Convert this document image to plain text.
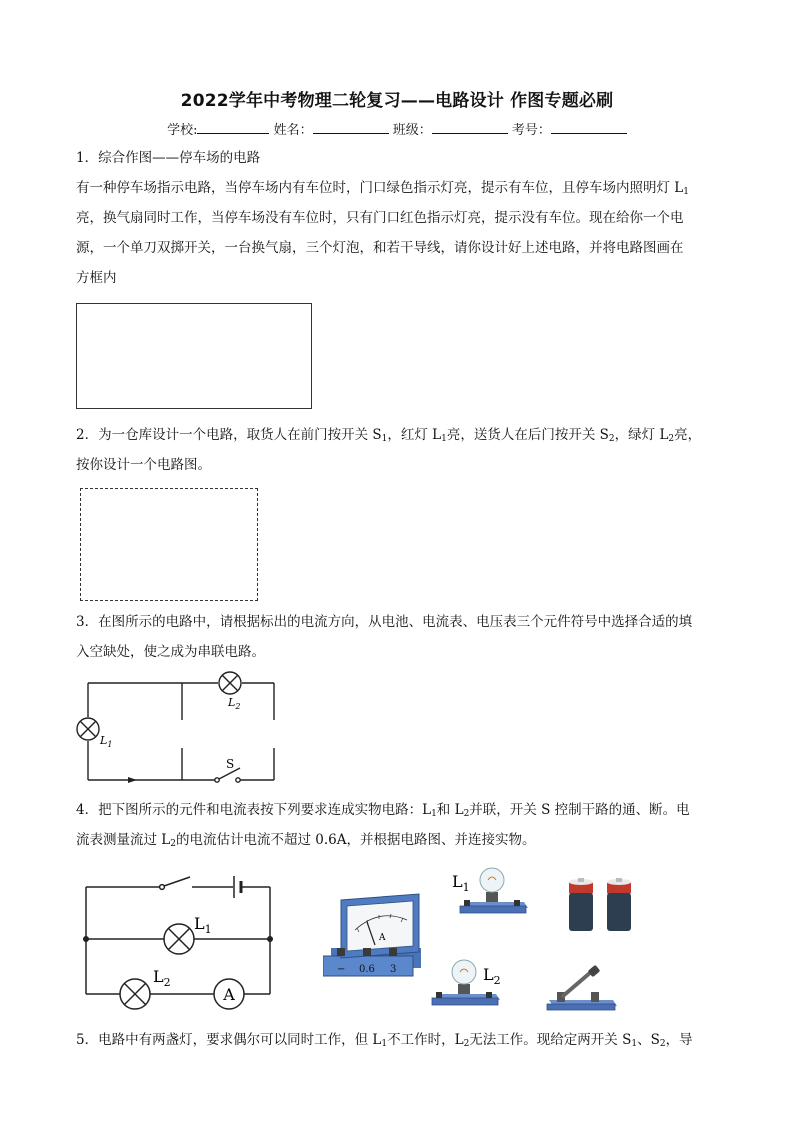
2022学年中考物理二轮复习——电路设计 作图专题必刷
学校:	姓名：	班级：	考号：
1．综合作图——停车场的电路
有一种停车场指示电路，当停车场内有车位时，门口绿色指示灯亮，提示有车位，且停车场内照明灯 $L_1$
亮，换气扇同时工作，当停车场没有车位时，只有门口红色指示灯亮，提示没有车位。现在给你一个电
源，一个单刀双掷开关，一台换气扇，三个灯泡，和若干导线，请你设计好上述电路，并将电路图画在
方框内
2．为一仓库设计一个电路，取货人在前门按开关 $S_1$，红灯 $L_1$亮，送货人在后门按开关 $S_2$，绿灯 $L_2$亮，
按你设计一个电路图。
3．在图所示的电路中，请根据标出的电流方向，从电池、电流表、电压表三个元件符号中选择合适的填
入空缺处，使之成为串联电路。
$L_1$
$L_2$
S
4．把下图所示的元件和电流表按下列要求连成实物电路：$L_1$和 $L_2$并联，开关 S 控制干路的通、断。电
流表测量流过 $L_2$的电流估计电流不超过 0.6A，并根据电路图、并连接实物。
$L_1$
$L_2$
A
A
− 0.6 3
$L_1$
$L_2$
5．电路中有两盏灯，要求偶尔可以同时工作，但 $L_1$不工作时，$L_2$无法工作。现给定两开关 $S_1$、$S_2$，导
